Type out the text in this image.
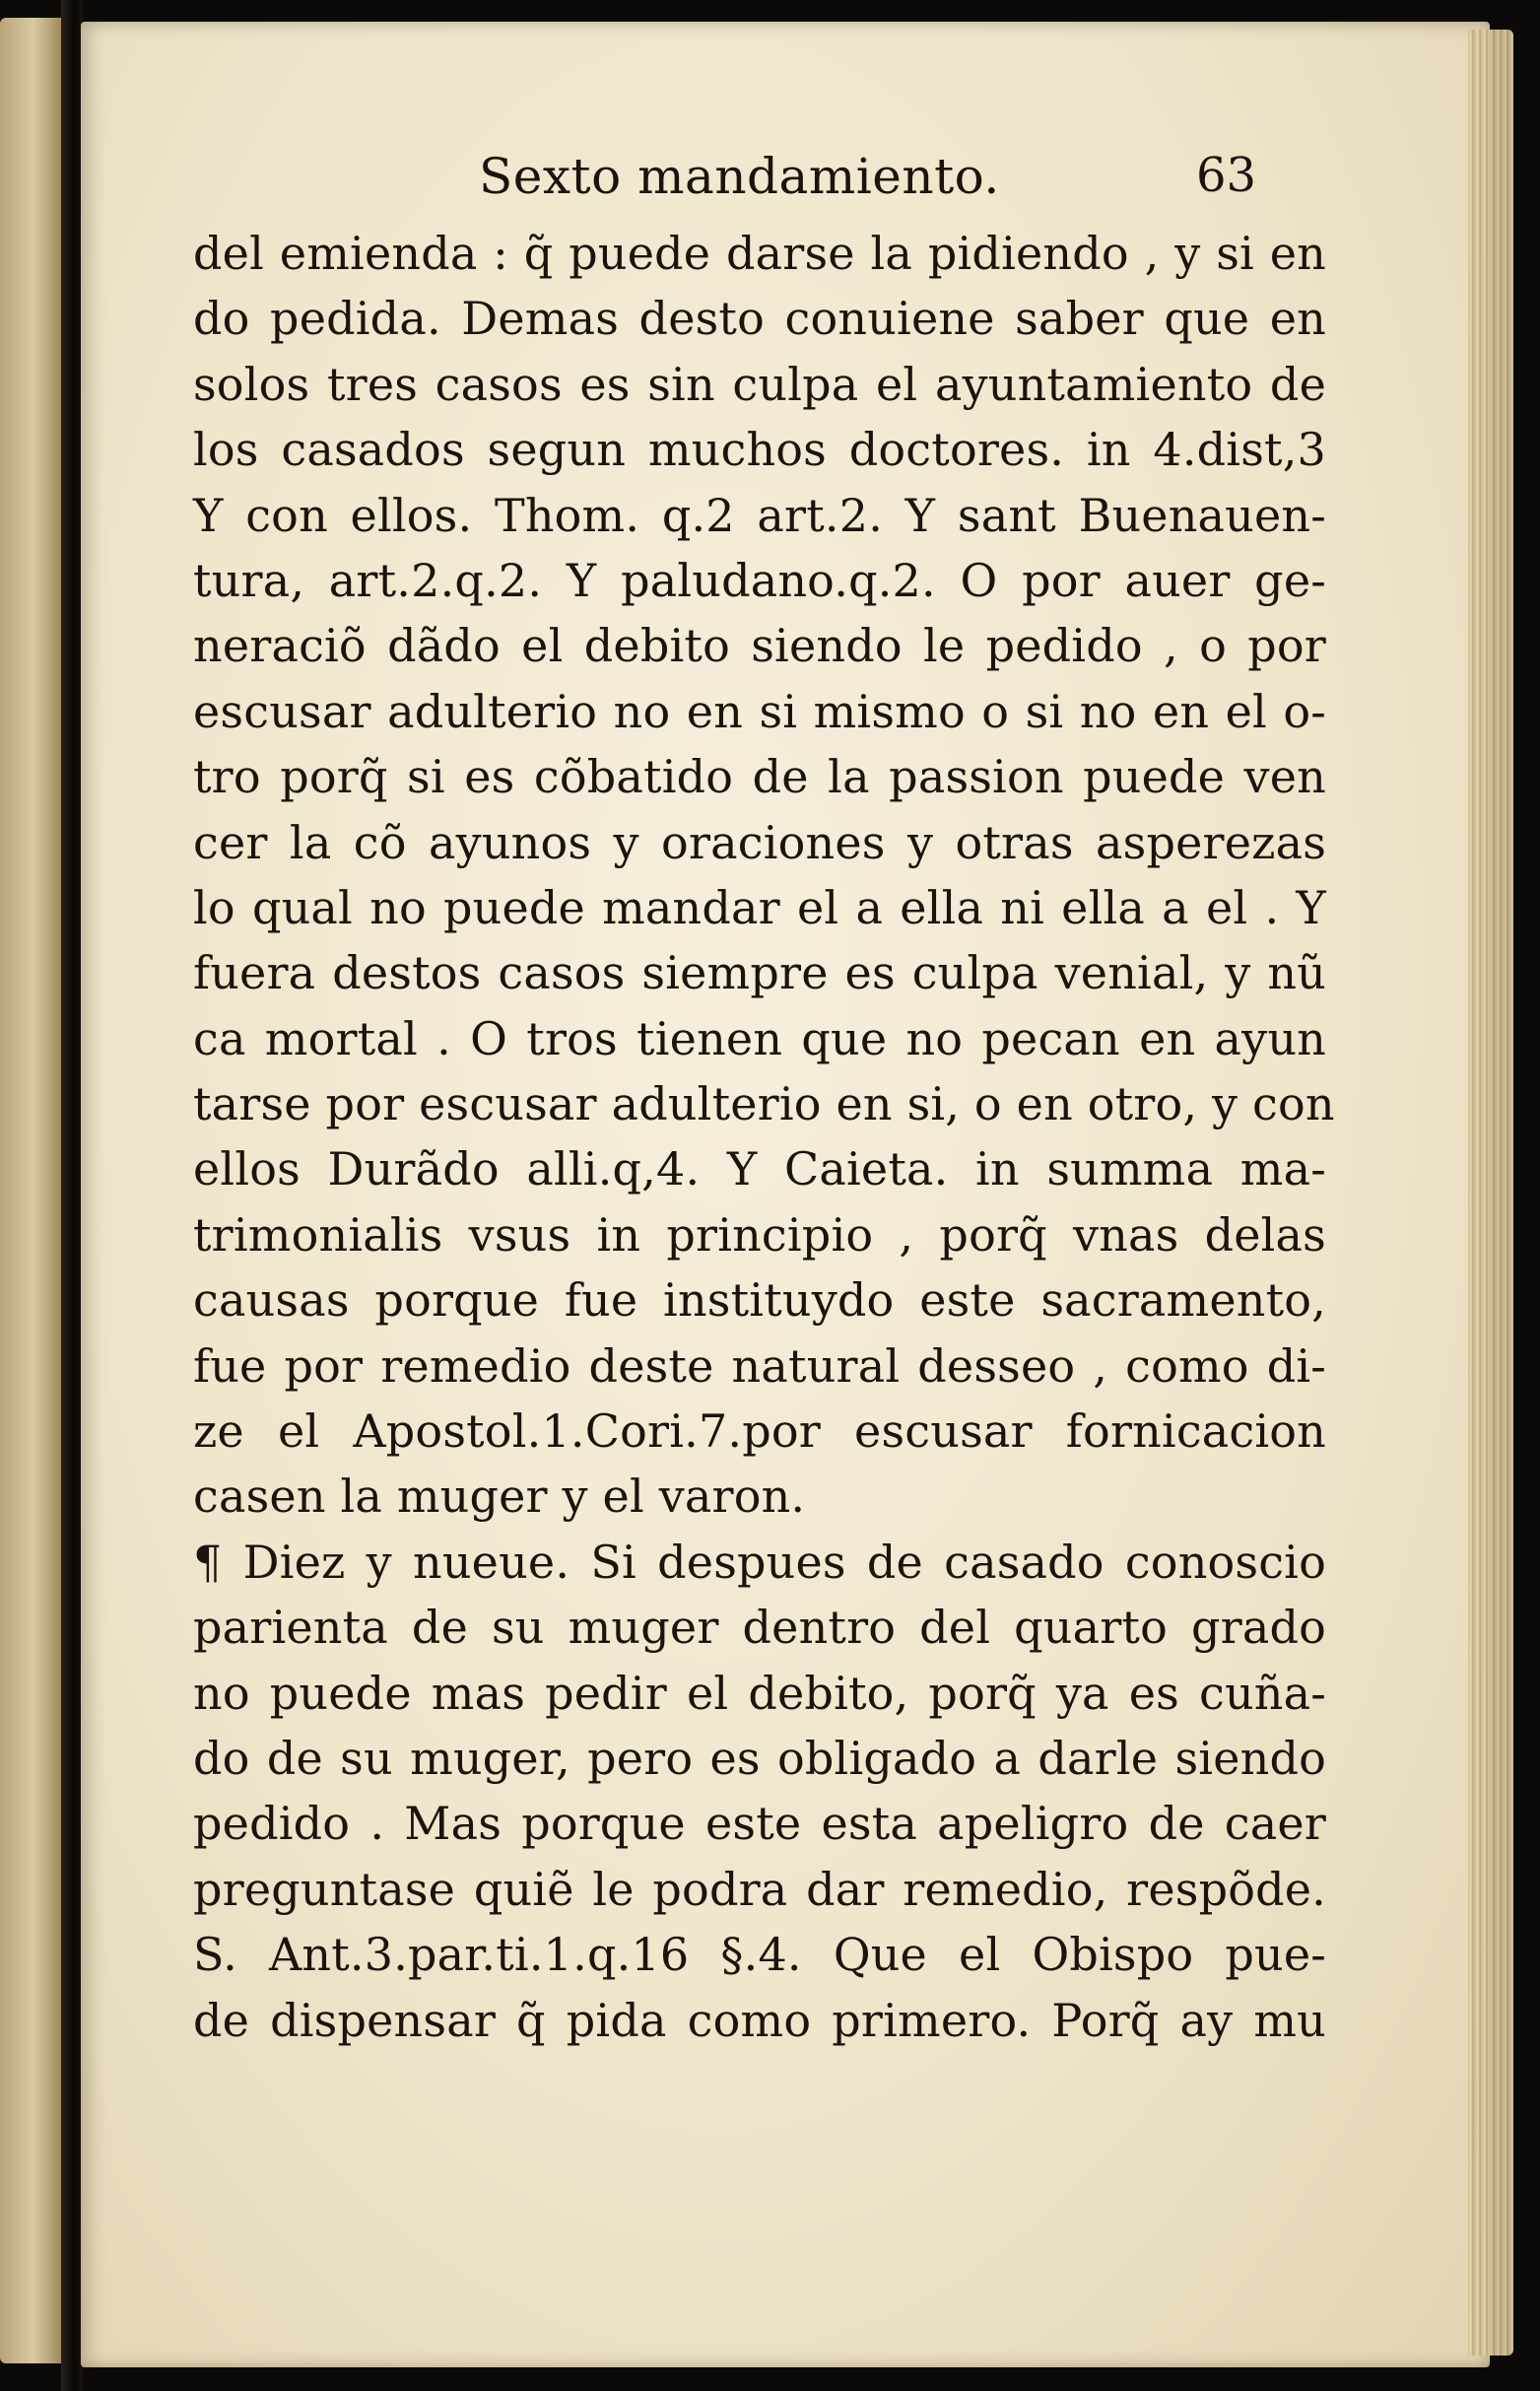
Sexto mandamiento.	63
del emienda : q̃ puede darse la pidiendo , y si en
do pedida. Demas desto conuiene saber que en
solos tres casos es sin culpa el ayuntamiento de
los casados segun muchos doctores. in 4.dist,3
Y con ellos. Thom. q.2 art.2. Y sant Buenauen-
tura, art.2.q.2. Y paludano.q.2. O por auer ge-
neraciõ dãdo el debito siendo le pedido , o por
escusar adulterio no en si mismo o si no en el o-
tro porq̃ si es cõbatido de la passion puede ven
cer la cõ ayunos y oraciones y otras asperezas
lo qual no puede mandar el a ella ni ella a el . Y
fuera destos casos siempre es culpa venial, y nũ
ca mortal . O tros tienen que no pecan en ayun
tarse por escusar adulterio en si, o en otro, y con
ellos Durãdo alli.q,4. Y Caieta. in summa ma-
trimonialis vsus in principio , porq̃ vnas delas
causas porque fue instituydo este sacramento,
fue por remedio deste natural desseo , como di-
ze el Apostol.1.Cori.7.por escusar fornicacion
casen la muger y el varon.
¶ Diez y nueue. Si despues de casado conoscio
parienta de su muger dentro del quarto grado
no puede mas pedir el debito, porq̃ ya es cuña-
do de su muger, pero es obligado a darle siendo
pedido . Mas porque este esta apeligro de caer
preguntase quiẽ le podra dar remedio, respõde.
S. Ant.3.par.ti.1.q.16 §.4. Que el Obispo pue-
de dispensar q̃ pida como primero. Porq̃ ay mu
